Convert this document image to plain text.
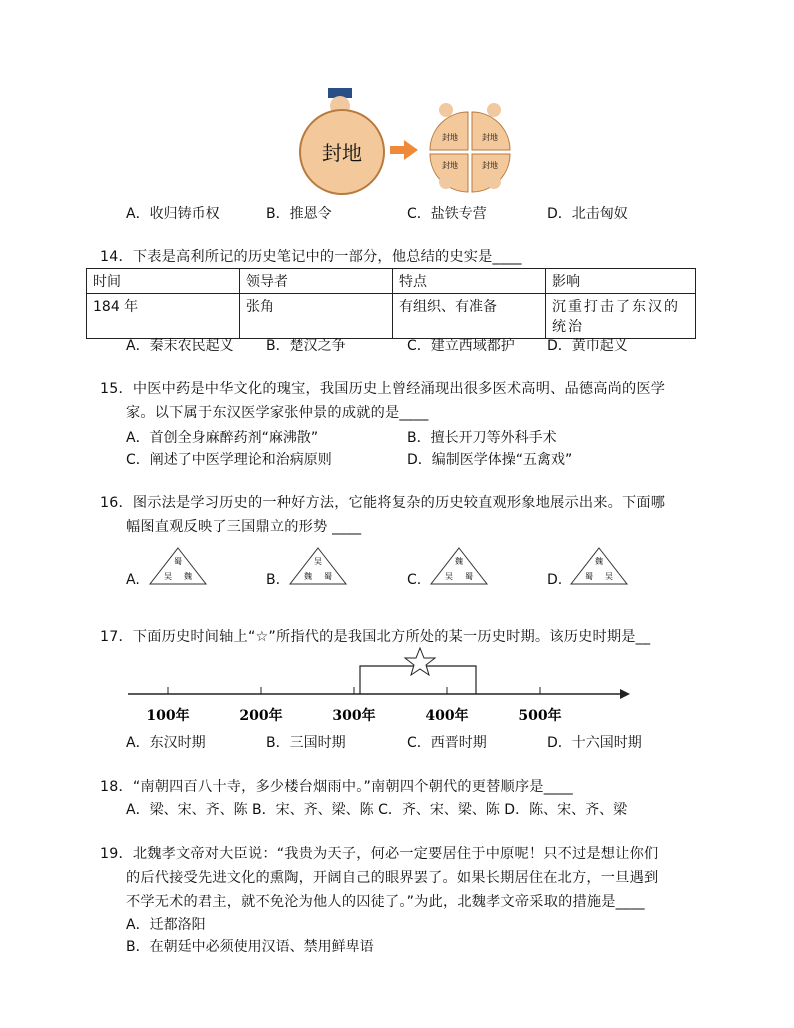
封地
封地	封地
封地	封地
A．收归铸币权	B．推恩令	C．盐铁专营	D．北击匈奴
14．下表是高利所记的历史笔记中的一部分，他总结的史实是____
时间	领导者	特点	影响
184 年	张角	有组织、有准备	沉重打击了东汉的统治
A．秦末农民起义 B．楚汉之争	C．建立西域都护 D．黄巾起义
15．中医中药是中华文化的瑰宝，我国历史上曾经涌现出很多医术高明、品德高尚的医学
家。以下属于东汉医学家张仲景的成就的是____
A．首创全身麻醉药剂“麻沸散”	B．擅长开刀等外科手术
C．阐述了中医学理论和治病原则	D．编制医学体操“五禽戏”
16．图示法是学习历史的一种好方法，它能将复杂的历史较直观形象地展示出来。下面哪
幅图直观反映了三国鼎立的形势 ____
A.
蜀
吴 魏	B.
吴
魏 蜀	C.
魏
吴 蜀	D.
魏
蜀 吴
17．下面历史时间轴上“☆”所指代的是我国北方所处的某一历史时期。该历史时期是__
100年	200年	300年	400年	500年
A．东汉时期	B．三国时期	C．西晋时期	D．十六国时期
18．“南朝四百八十寺，多少楼台烟雨中。”南朝四个朝代的更替顺序是____
A．梁、宋、齐、陈 B．宋、齐、梁、陈 C．齐、宋、梁、陈 D．陈、宋、齐、梁
19．北魏孝文帝对大臣说：“我贵为天子，何必一定要居住于中原呢！只不过是想让你们
的后代接受先进文化的熏陶，开阔自己的眼界罢了。如果长期居住在北方，一旦遇到
不学无术的君主，就不免沦为他人的囚徒了。”为此，北魏孝文帝采取的措施是____
A．迁都洛阳
B．在朝廷中必须使用汉语、禁用鲜卑语
